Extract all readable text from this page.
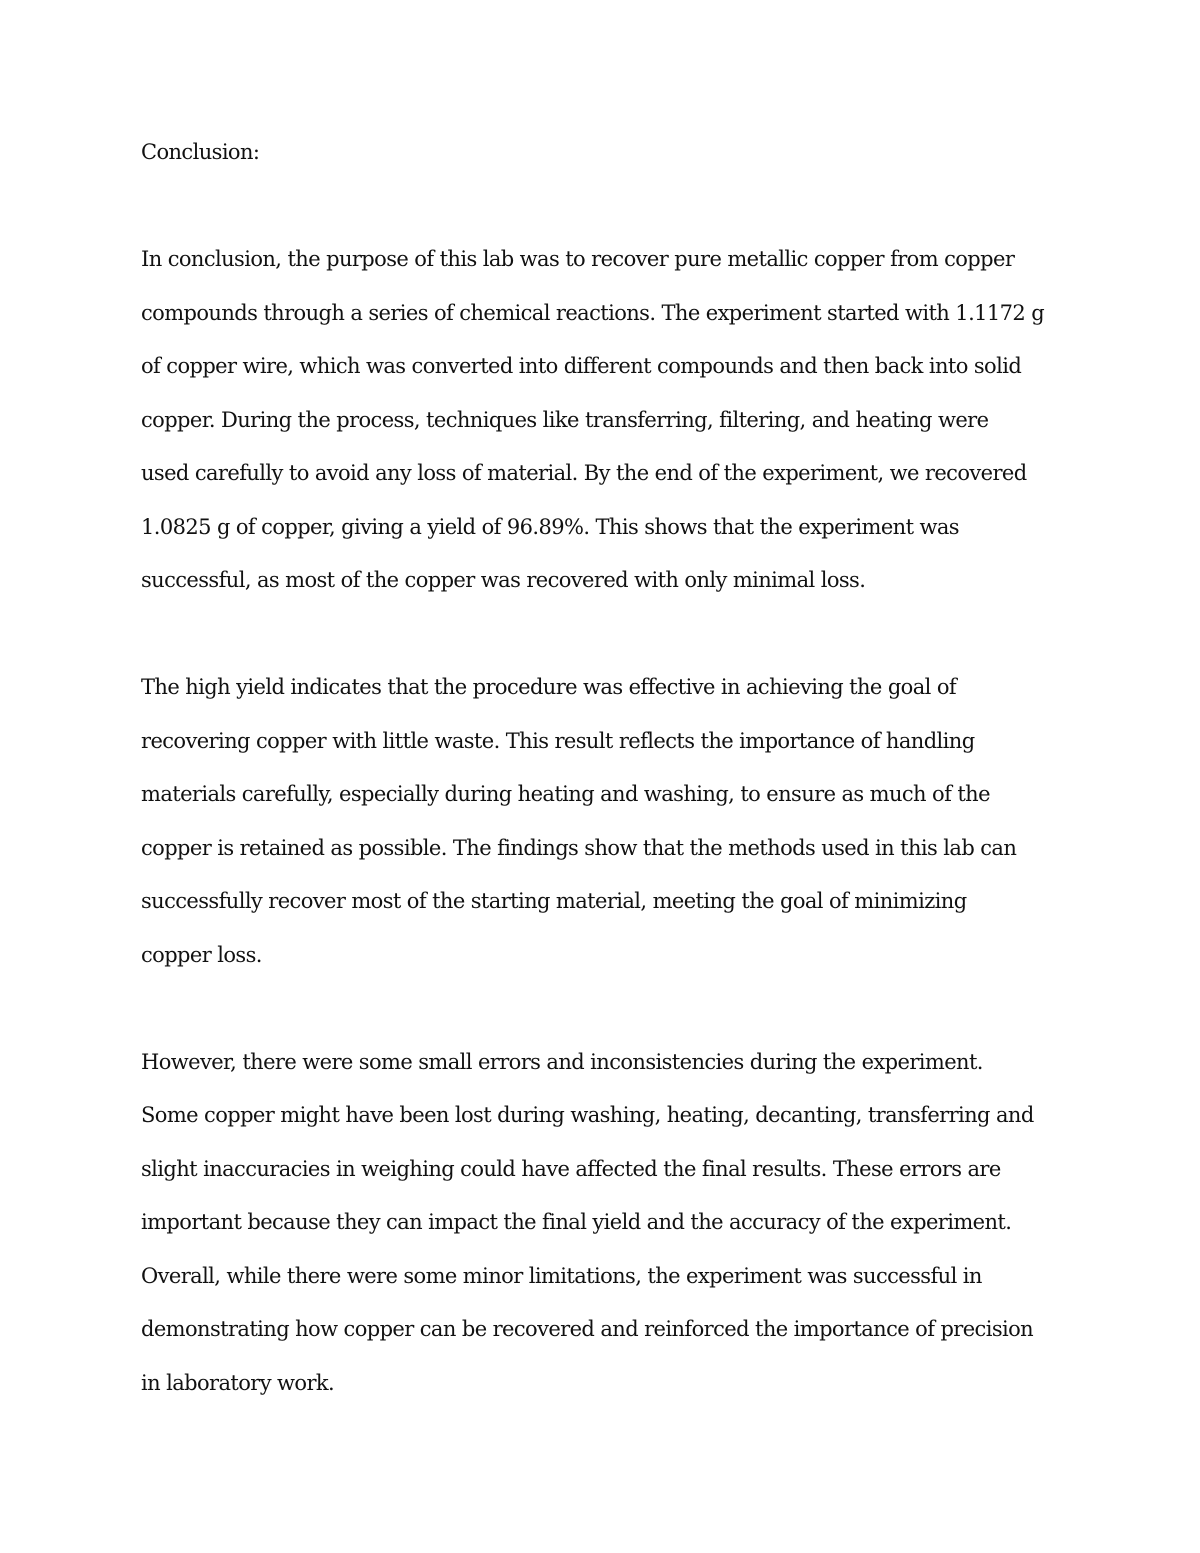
Conclusion:

In conclusion, the purpose of this lab was to recover pure metallic copper from copper
compounds through a series of chemical reactions. The experiment started with 1.1172 g
of copper wire, which was converted into different compounds and then back into solid
copper. During the process, techniques like transferring, filtering, and heating were
used carefully to avoid any loss of material. By the end of the experiment, we recovered
1.0825 g of copper, giving a yield of 96.89%. This shows that the experiment was
successful, as most of the copper was recovered with only minimal loss.

The high yield indicates that the procedure was effective in achieving the goal of
recovering copper with little waste. This result reflects the importance of handling
materials carefully, especially during heating and washing, to ensure as much of the
copper is retained as possible. The findings show that the methods used in this lab can
successfully recover most of the starting material, meeting the goal of minimizing
copper loss.

However, there were some small errors and inconsistencies during the experiment.
Some copper might have been lost during washing, heating, decanting, transferring and
slight inaccuracies in weighing could have affected the final results. These errors are
important because they can impact the final yield and the accuracy of the experiment.
Overall, while there were some minor limitations, the experiment was successful in
demonstrating how copper can be recovered and reinforced the importance of precision
in laboratory work.
